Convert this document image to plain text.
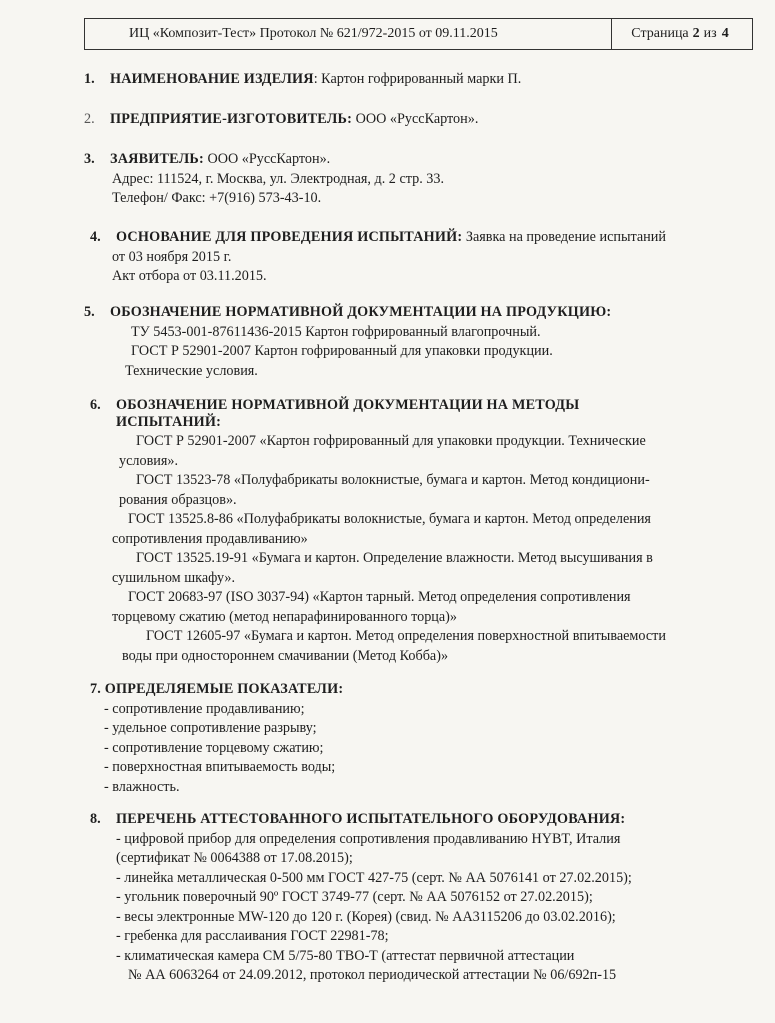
ИЦ «Композит-Тест» Протокол № 621/972-2015 от 09.11.2015	Страница 2 из 4
1. НАИМЕНОВАНИЕ ИЗДЕЛИЯ: Картон гофрированный марки П.
2. ПРЕДПРИЯТИЕ-ИЗГОТОВИТЕЛЬ: ООО «РуссКартон».
3. ЗАЯВИТЕЛЬ: ООО «РуссКартон».
Адрес: 111524, г. Москва, ул. Электродная, д. 2 стр. 33.
Телефон/ Факс: +7(916) 573-43-10.
4. ОСНОВАНИЕ ДЛЯ ПРОВЕДЕНИЯ ИСПЫТАНИЙ: Заявка на проведение испытаний
от 03 ноября 2015 г.
Акт отбора от 03.11.2015.
5. ОБОЗНАЧЕНИЕ НОРМАТИВНОЙ ДОКУМЕНТАЦИИ НА ПРОДУКЦИЮ:
ТУ 5453-001-87611436-2015 Картон гофрированный влагопрочный.
ГОСТ Р 52901-2007 Картон гофрированный для упаковки продукции.
Технические условия.
6. ОБОЗНАЧЕНИЕ НОРМАТИВНОЙ ДОКУМЕНТАЦИИ НА МЕТОДЫ
ИСПЫТАНИЙ:
ГОСТ Р 52901-2007 «Картон гофрированный для упаковки продукции. Технические
условия».
ГОСТ 13523-78 «Полуфабрикаты волокнистые, бумага и картон. Метод кондициони-
рования образцов».
ГОСТ 13525.8-86 «Полуфабрикаты волокнистые, бумага и картон. Метод определения
сопротивления продавливанию»
ГОСТ 13525.19-91 «Бумага и картон. Определение влажности. Метод высушивания в
сушильном шкафу».
ГОСТ 20683-97 (ISO 3037-94) «Картон тарный. Метод определения сопротивления
торцевому сжатию (метод непарафинированного торца)»
ГОСТ 12605-97 «Бумага и картон. Метод определения поверхностной впитываемости
воды при одностороннем смачивании (Метод Кобба)»
7. ОПРЕДЕЛЯЕМЫЕ ПОКАЗАТЕЛИ:
- сопротивление продавливанию;
- удельное сопротивление разрыву;
- сопротивление торцевому сжатию;
- поверхностная впитываемость воды;
- влажность.
8. ПЕРЕЧЕНЬ АТТЕСТОВАННОГО ИСПЫТАТЕЛЬНОГО ОБОРУДОВАНИЯ:
- цифровой прибор для определения сопротивления продавливанию HYBT, Италия
(сертификат № 0064388 от 17.08.2015);
- линейка металлическая 0-500 мм ГОСТ 427-75 (серт. № АА 5076141 от 27.02.2015);
- угольник поверочный 90º ГОСТ 3749-77 (серт. № АА 5076152 от 27.02.2015);
- весы электронные MW-120 до 120 г. (Корея) (свид. № АА3115206 до 03.02.2016);
- гребенка для расслаивания ГОСТ 22981-78;
- климатическая камера СМ 5/75-80 ТВО-Т (аттестат первичной аттестации
№ АА 6063264 от 24.09.2012, протокол периодической аттестации № 06/692п-15
